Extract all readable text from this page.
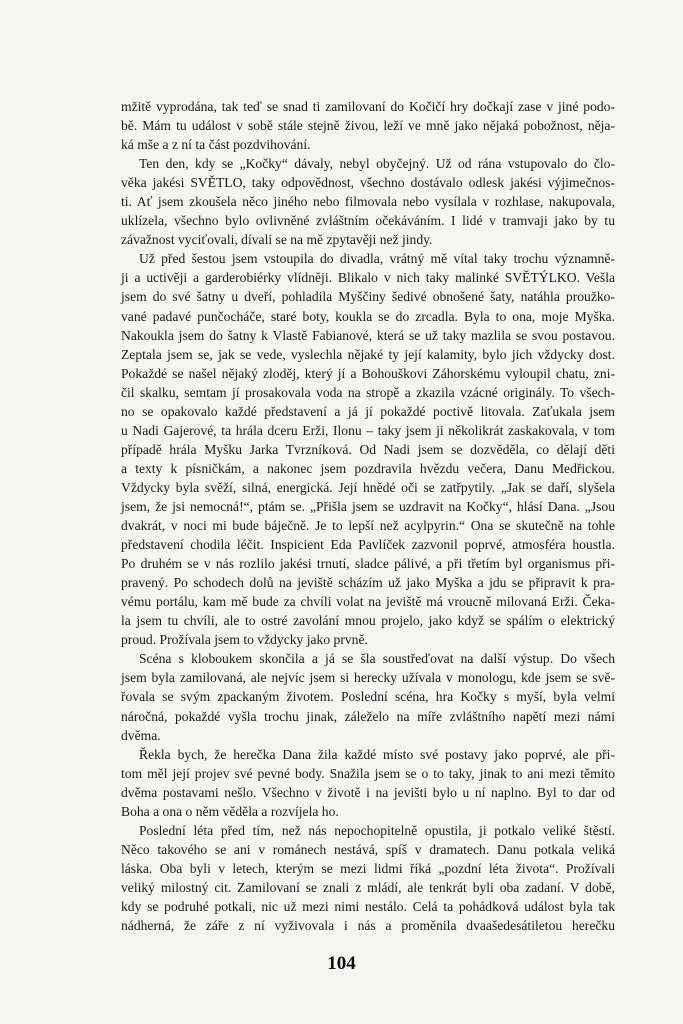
mžitě vyprodána, tak teď se snad ti zamilovaní do Kočičí hry dočkají zase v jiné podo-
bě. Mám tu událost v sobě stále stejně živou, leží ve mně jako nějaká pobožnost, něja-
ká mše a z ní ta část pozdvihování.
Ten den, kdy se „Kočky“ dávaly, nebyl obyčejný. Už od rána vstupovalo do člo-
věka jakési SVĚTLO, taky odpovědnost, všechno dostávalo odlesk jakési výjimečnos-
ti. Ať jsem zkoušela něco jiného nebo filmovala nebo vysílala v rozhlase, nakupovala,
uklízela, všechno bylo ovlivněné zvláštním očekáváním. I lidé v tramvaji jako by tu
závažnost vyciťovali, dívali se na mě zpytavěji než jindy.
Už před šestou jsem vstoupila do divadla, vrátný mě vítal taky trochu významně-
ji a uctivěji a garderobiérky vlídněji. Blikalo v nich taky malinké SVĚTÝLKO. Vešla
jsem do své šatny u dveří, pohladila Myščiny šedivé obnošené šaty, natáhla proužko-
vané padavé punčocháče, staré boty, koukla se do zrcadla. Byla to ona, moje Myška.
Nakoukla jsem do šatny k Vlastě Fabianové, která se už taky mazlila se svou postavou.
Zeptala jsem se, jak se vede, vyslechla nějaké ty její kalamity, bylo jich vždycky dost.
Pokaždé se našel nějaký zloděj, který jí a Bohouškovi Záhorskému vyloupil chatu, zni-
čil skalku, semtam jí prosakovala voda na stropě a zkazila vzácné originály. To všech-
no se opakovalo každé představení a já jí pokaždé poctivě litovala. Zaťukala jsem
u Nadi Gajerové, ta hrála dceru Erži, Ilonu – taky jsem ji několikrát zaskakovala, v tom
případě hrála Myšku Jarka Tvrzníková. Od Nadi jsem se dozvěděla, co dělají děti
a texty k písničkám, a nakonec jsem pozdravila hvězdu večera, Danu Medřickou.
Vždycky byla svěží, silná, energická. Její hnědé oči se zatřpytily. „Jak se daří, slyšela
jsem, že jsi nemocná!“, ptám se. „Přišla jsem se uzdravit na Kočky“, hlásí Dana. „Jsou
dvakrát, v noci mi bude báječně. Je to lepší než acylpyrin.“ Ona se skutečně na tohle
představení chodila léčit. Inspicient Eda Pavlíček zazvonil poprvé, atmosféra houstla.
Po druhém se v nás rozlilo jakési trnutí, sladce pálivé, a při třetím byl organismus při-
pravený. Po schodech dolů na jeviště scházím už jako Myška a jdu se připravit k pra-
vému portálu, kam mě bude za chvíli volat na jeviště má vroucně milovaná Erži. Čeka-
la jsem tu chvíli, ale to ostré zavolání mnou projelo, jako když se spálím o elektrický
proud. Prožívala jsem to vždycky jako prvně.
Scéna s kloboukem skončila a já se šla soustřeďovat na další výstup. Do všech
jsem byla zamilovaná, ale nejvíc jsem si herecky užívala v monologu, kde jsem se svě-
řovala se svým zpackaným životem. Poslední scéna, hra Kočky s myší, byla velmi
náročná, pokaždé vyšla trochu jinak, záleželo na míře zvláštního napětí mezi námi
dvěma.
Řekla bych, že herečka Dana žila každé místo své postavy jako poprvé, ale při-
tom měl její projev své pevné body. Snažila jsem se o to taky, jinak to ani mezi těmito
dvěma postavami nešlo. Všechno v životě i na jevišti bylo u ní naplno. Byl to dar od
Boha a ona o něm věděla a rozvíjela ho.
Poslední léta před tím, než nás nepochopitelně opustila, ji potkalo veliké štěstí.
Něco takového se ani v románech nestává, spíš v dramatech. Danu potkala veliká
láska. Oba byli v letech, kterým se mezi lidmi říká „pozdní léta života“. Prožívali
veliký milostný cit. Zamilovaní se znali z mládí, ale tenkrát byli oba zadaní. V době,
kdy se podruhé potkali, nic už mezi nimi nestálo. Celá ta pohádková událost byla tak
nádherná, že záře z ní vyživovala i nás a proměnila dvaašedesátiletou herečku
104
